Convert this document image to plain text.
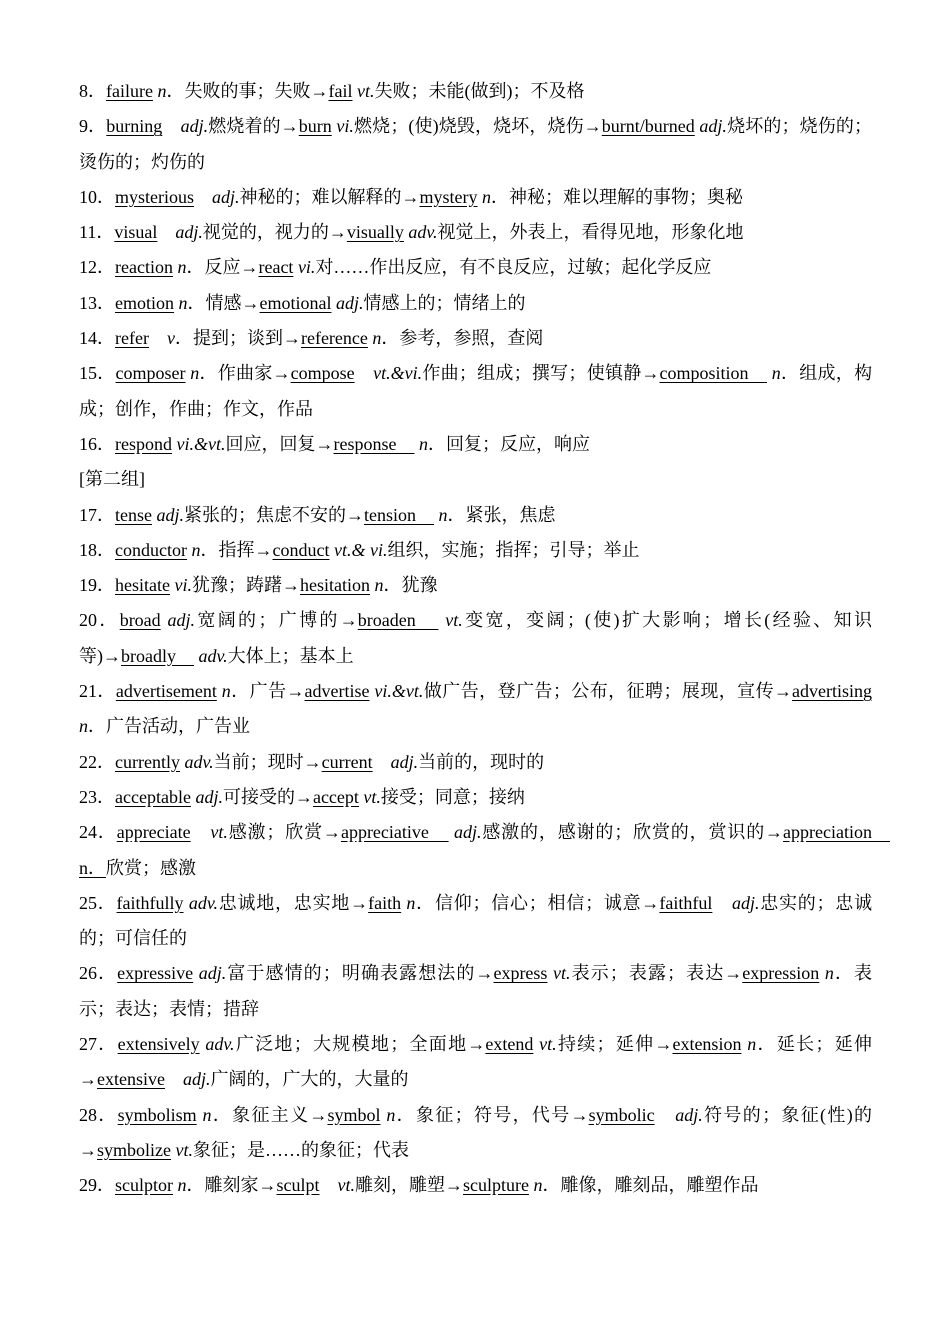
8．failure n．失败的事；失败→fail vt.失败；未能(做到)；不及格

9．burning　 adj.燃烧着的→burn vi.燃烧；(使)烧毁，烧坏，烧伤→burnt/burned adj.烧坏的；烧伤的；烫伤的；灼伤的

10．mysterious　 adj.神秘的；难以解释的→mystery n．神秘；难以理解的事物；奥秘

11．visual　 adj.视觉的，视力的→visually adv.视觉上，外表上，看得见地，形象化地

12．reaction n．反应→react vi.对……作出反应，有不良反应，过敏；起化学反应

13．emotion n．情感→emotional adj.情感上的；情绪上的

14．refer　 v．提到；谈到→reference n．参考，参照，查阅

15．composer n．作曲家→compose　 vt.&vi.作曲；组成；撰写；使镇静→composition　 n．组成，构成；创作，作曲；作文，作品

16．respond vi.&vt.回应，回复→response　 n．回复；反应，响应

[第二组]

17．tense adj.紧张的；焦虑不安的→tension　 n．紧张，焦虑

18．conductor n．指挥→conduct vt.& vi.组织，实施；指挥；引导；举止

19．hesitate vi.犹豫；踌躇→hesitation n．犹豫

20．broad adj.宽阔的；广博的→broaden　 vt.变宽，变阔；(使)扩大影响；增长(经验、知识等)→broadly　 adv.大体上；基本上

21．advertisement n．广告→advertise vi.&vt.做广告，登广告；公布，征聘；展现，宣传→advertising n．广告活动，广告业

22．currently adv.当前；现时→current　 adj.当前的，现时的

23．acceptable adj.可接受的→accept vt.接受；同意；接纳

24．appreciate　 vt.感激；欣赏→appreciative　 adj.感激的，感谢的；欣赏的，赏识的→appreciation　n．欣赏；感激

25．faithfully adv.忠诚地，忠实地→faith n．信仰；信心；相信；诚意→faithful　 adj.忠实的；忠诚的；可信任的

26．expressive adj.富于感情的；明确表露想法的→express vt.表示；表露；表达→expression n．表示；表达；表情；措辞

27．extensively adv.广泛地；大规模地；全面地→extend vt.持续；延伸→extension n．延长；延伸→extensive　 adj.广阔的，广大的，大量的

28．symbolism n．象征主义→symbol n．象征；符号，代号→symbolic　 adj.符号的；象征(性)的→symbolize vt.象征；是……的象征；代表

29．sculptor n．雕刻家→sculpt　 vt.雕刻，雕塑→sculpture n．雕像，雕刻品，雕塑作品
